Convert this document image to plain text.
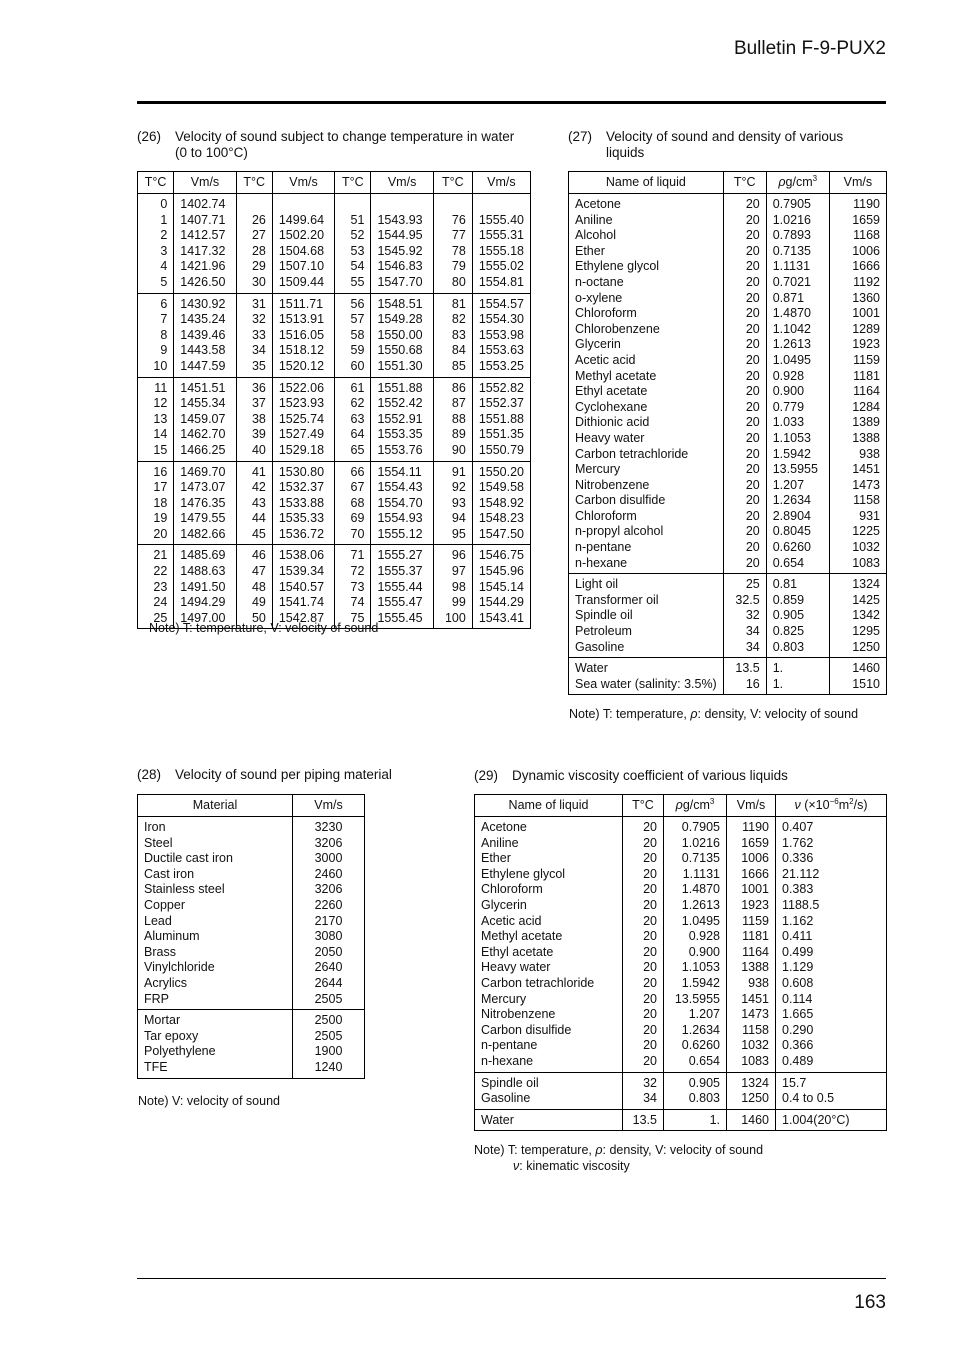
Bulletin F-9-PUX2
(26)	Velocity of sound subject to change temperature in water (0 to 100°C)
T°C	Vm/s	T°C	Vm/s	T°C	Vm/s	T°C	Vm/s
0	1402.74						
1	1407.71	26	1499.64	51	1543.93	76	1555.40
2	1412.57	27	1502.20	52	1544.95	77	1555.31
3	1417.32	28	1504.68	53	1545.92	78	1555.18
4	1421.96	29	1507.10	54	1546.83	79	1555.02
5	1426.50	30	1509.44	55	1547.70	80	1554.81
6	1430.92	31	1511.71	56	1548.51	81	1554.57
7	1435.24	32	1513.91	57	1549.28	82	1554.30
8	1439.46	33	1516.05	58	1550.00	83	1553.98
9	1443.58	34	1518.12	59	1550.68	84	1553.63
10	1447.59	35	1520.12	60	1551.30	85	1553.25
11	1451.51	36	1522.06	61	1551.88	86	1552.82
12	1455.34	37	1523.93	62	1552.42	87	1552.37
13	1459.07	38	1525.74	63	1552.91	88	1551.88
14	1462.70	39	1527.49	64	1553.35	89	1551.35
15	1466.25	40	1529.18	65	1553.76	90	1550.79
16	1469.70	41	1530.80	66	1554.11	91	1550.20
17	1473.07	42	1532.37	67	1554.43	92	1549.58
18	1476.35	43	1533.88	68	1554.70	93	1548.92
19	1479.55	44	1535.33	69	1554.93	94	1548.23
20	1482.66	45	1536.72	70	1555.12	95	1547.50
21	1485.69	46	1538.06	71	1555.27	96	1546.75
22	1488.63	47	1539.34	72	1555.37	97	1545.96
23	1491.50	48	1540.57	73	1555.44	98	1545.14
24	1494.29	49	1541.74	74	1555.47	99	1544.29
25	1497.00	50	1542.87	75	1555.45	100	1543.41
Note) T: temperature, V: velocity of sound
(27)	Velocity of sound and density of various liquids
Name of liquid	T°C	$\rho g/cm^3$	Vm/s
Acetone	20	0.7905	1190
Aniline	20	1.0216	1659
Alcohol	20	0.7893	1168
Ether	20	0.7135	1006
Ethylene glycol	20	1.1131	1666
n-octane	20	0.7021	1192
o-xylene	20	0.871	1360
Chloroform	20	1.4870	1001
Chlorobenzene	20	1.1042	1289
Glycerin	20	1.2613	1923
Acetic acid	20	1.0495	1159
Methyl acetate	20	0.928	1181
Ethyl acetate	20	0.900	1164
Cyclohexane	20	0.779	1284
Dithionic acid	20	1.033	1389
Heavy water	20	1.1053	1388
Carbon tetrachloride	20	1.5942	938
Mercury	20	13.5955	1451
Nitrobenzene	20	1.207	1473
Carbon disulfide	20	1.2634	1158
Chloroform	20	2.8904	931
n-propyl alcohol	20	0.8045	1225
n-pentane	20	0.6260	1032
n-hexane	20	0.654	1083
Light oil	25	0.81	1324
Transformer oil	32.5	0.859	1425
Spindle oil	32	0.905	1342
Petroleum	34	0.825	1295
Gasoline	34	0.803	1250
Water	13.5	1.	1460
Sea water (salinity: 3.5%)	16	1.	1510
Note) T: temperature, ρ: density, V: velocity of sound
(28)	Velocity of sound per piping material
Material	Vm/s
Iron	3230
Steel	3206
Ductile cast iron	3000
Cast iron	2460
Stainless steel	3206
Copper	2260
Lead	2170
Aluminum	3080
Brass	2050
Vinylchloride	2640
Acrylics	2644
FRP	2505
Mortar	2500
Tar epoxy	2505
Polyethylene	1900
TFE	1240
Note) V: velocity of sound
(29)	Dynamic viscosity coefficient of various liquids
Name of liquid	T°C	$\rho g/cm^3$	Vm/s	ν $(\times 10^{-6}m^2/s)$
Acetone	20	0.7905	1190	0.407
Aniline	20	1.0216	1659	1.762
Ether	20	0.7135	1006	0.336
Ethylene glycol	20	1.1131	1666	21.112
Chloroform	20	1.4870	1001	0.383
Glycerin	20	1.2613	1923	1188.5
Acetic acid	20	1.0495	1159	1.162
Methyl acetate	20	0.928	1181	0.411
Ethyl acetate	20	0.900	1164	0.499
Heavy water	20	1.1053	1388	1.129
Carbon tetrachloride	20	1.5942	938	0.608
Mercury	20	13.5955	1451	0.114
Nitrobenzene	20	1.207	1473	1.665
Carbon disulfide	20	1.2634	1158	0.290
n-pentane	20	0.6260	1032	0.366
n-hexane	20	0.654	1083	0.489
Spindle oil	32	0.905	1324	15.7
Gasoline	34	0.803	1250	0.4 to 0.5
Water	13.5	1.	1460	1.004(20°C)
Note) T: temperature, ρ: density, V: velocity of sound
ν: kinematic viscosity
163
